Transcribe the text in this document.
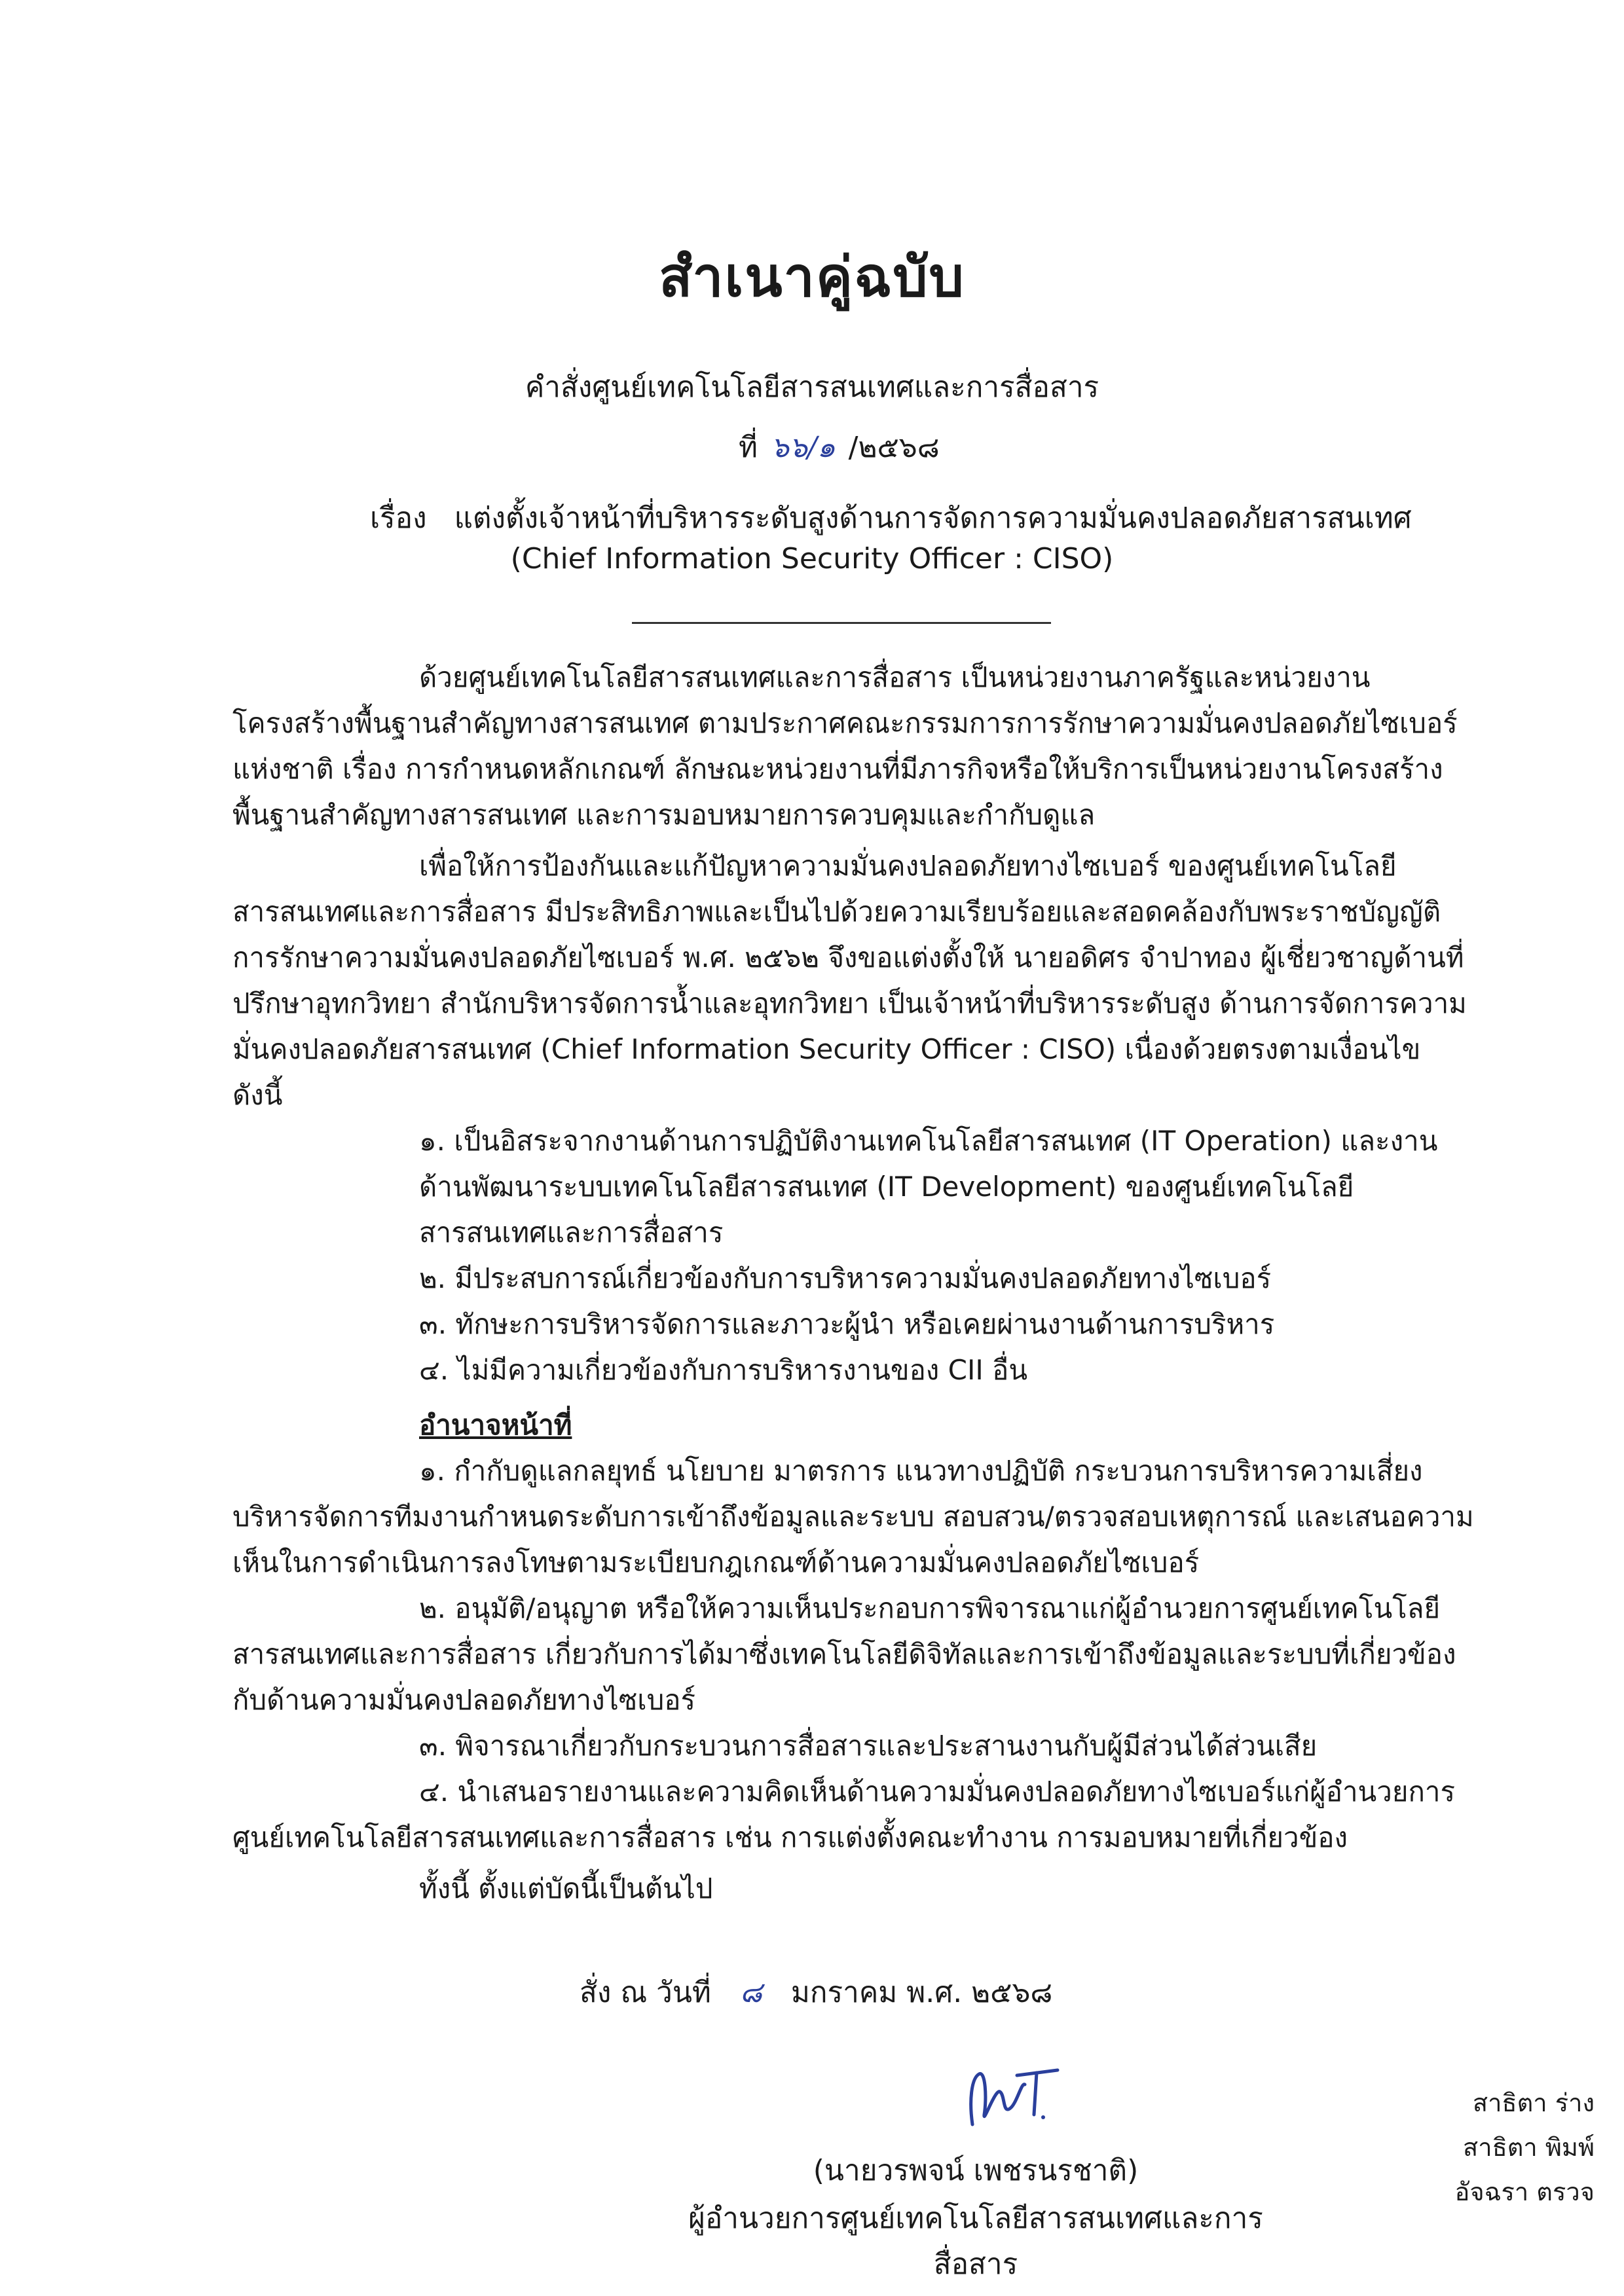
สำเนาคู่ฉบับ
คำสั่งศูนย์เทคโนโลยีสารสนเทศและการสื่อสาร
ที่ ๖๖/๑ /๒๕๖๘
เรื่อง แต่งตั้งเจ้าหน้าที่บริหารระดับสูงด้านการจัดการความมั่นคงปลอดภัยสารสนเทศ
(Chief Information Security Officer : CISO)

ด้วยศูนย์เทคโนโลยีสารสนเทศและการสื่อสาร เป็นหน่วยงานภาครัฐและหน่วยงานโครงสร้างพื้นฐานสำคัญทางสารสนเทศ ตามประกาศคณะกรรมการการรักษาความมั่นคงปลอดภัยไซเบอร์แห่งชาติ เรื่อง การกำหนดหลักเกณฑ์ ลักษณะหน่วยงานที่มีภารกิจหรือให้บริการเป็นหน่วยงานโครงสร้างพื้นฐานสำคัญทางสารสนเทศ และการมอบหมายการควบคุมและกำกับดูแล

เพื่อให้การป้องกันและแก้ปัญหาความมั่นคงปลอดภัยทางไซเบอร์ ของศูนย์เทคโนโลยีสารสนเทศและการสื่อสาร มีประสิทธิภาพและเป็นไปด้วยความเรียบร้อยและสอดคล้องกับพระราชบัญญัติการรักษาความมั่นคงปลอดภัยไซเบอร์ พ.ศ. ๒๕๖๒ จึงขอแต่งตั้งให้ นายอดิศร จำปาทอง ผู้เชี่ยวชาญด้านที่ปรึกษาอุทกวิทยา สำนักบริหารจัดการน้ำและอุทกวิทยา เป็นเจ้าหน้าที่บริหารระดับสูง ด้านการจัดการความมั่นคงปลอดภัยสารสนเทศ (Chief Information Security Officer : CISO) เนื่องด้วยตรงตามเงื่อนไข ดังนี้

๑. เป็นอิสระจากงานด้านการปฏิบัติงานเทคโนโลยีสารสนเทศ (IT Operation) และงานด้านพัฒนาระบบเทคโนโลยีสารสนเทศ (IT Development) ของศูนย์เทคโนโลยีสารสนเทศและการสื่อสาร

๒. มีประสบการณ์เกี่ยวข้องกับการบริหารความมั่นคงปลอดภัยทางไซเบอร์

๓. ทักษะการบริหารจัดการและภาวะผู้นำ หรือเคยผ่านงานด้านการบริหาร

๔. ไม่มีความเกี่ยวข้องกับการบริหารงานของ CII อื่น

อำนาจหน้าที่

๑. กำกับดูแลกลยุทธ์ นโยบาย มาตรการ แนวทางปฏิบัติ กระบวนการบริหารความเสี่ยง บริหารจัดการทีมงานกำหนดระดับการเข้าถึงข้อมูลและระบบ สอบสวน/ตรวจสอบเหตุการณ์ และเสนอความเห็นในการดำเนินการลงโทษตามระเบียบกฎเกณฑ์ด้านความมั่นคงปลอดภัยไซเบอร์

๒. อนุมัติ/อนุญาต หรือให้ความเห็นประกอบการพิจารณาแก่ผู้อำนวยการศูนย์เทคโนโลยีสารสนเทศและการสื่อสาร เกี่ยวกับการได้มาซึ่งเทคโนโลยีดิจิทัลและการเข้าถึงข้อมูลและระบบที่เกี่ยวข้องกับด้านความมั่นคงปลอดภัยทางไซเบอร์

๓. พิจารณาเกี่ยวกับกระบวนการสื่อสารและประสานงานกับผู้มีส่วนได้ส่วนเสีย

๔. นำเสนอรายงานและความคิดเห็นด้านความมั่นคงปลอดภัยทางไซเบอร์แก่ผู้อำนวยการศูนย์เทคโนโลยีสารสนเทศและการสื่อสาร เช่น การแต่งตั้งคณะทำงาน การมอบหมายที่เกี่ยวข้อง

ทั้งนี้ ตั้งแต่บัดนี้เป็นต้นไป

สั่ง ณ วันที่ ๘ มกราคม พ.ศ. ๒๕๖๘
(นายวรพจน์ เพชรนรชาติ)
ผู้อำนวยการศูนย์เทคโนโลยีสารสนเทศและการสื่อสาร
สาธิตา ร่าง
สาธิตา พิมพ์
อัจฉรา ตรวจ
